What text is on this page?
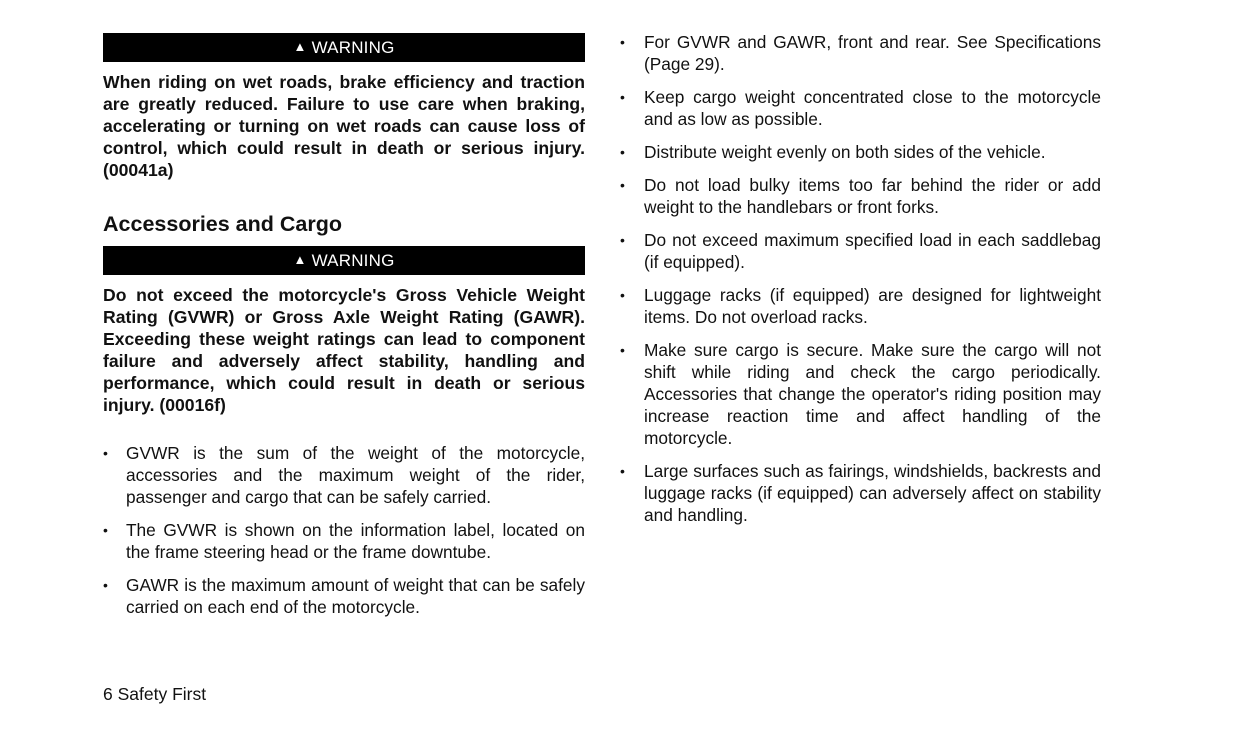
▲ WARNING

When riding on wet roads, brake efficiency and traction are greatly reduced. Failure to use care when braking, accelerating or turning on wet roads can cause loss of control, which could result in death or serious injury. (00041a)

Accessories and Cargo
▲ WARNING

Do not exceed the motorcycle's Gross Vehicle Weight Rating (GVWR) or Gross Axle Weight Rating (GAWR). Exceeding these weight ratings can lead to component failure and adversely affect stability, handling and performance, which could result in death or serious injury. (00016f)

• GVWR is the sum of the weight of the motorcycle, accessories and the maximum weight of the rider, passenger and cargo that can be safely carried.
• The GVWR is shown on the information label, located on the frame steering head or the frame downtube.
• GAWR is the maximum amount of weight that can be safely carried on each end of the motorcycle.
• For GVWR and GAWR, front and rear. See Specifications (Page 29).
• Keep cargo weight concentrated close to the motorcycle and as low as possible.
• Distribute weight evenly on both sides of the vehicle.
• Do not load bulky items too far behind the rider or add weight to the handlebars or front forks.
• Do not exceed maximum specified load in each saddlebag (if equipped).
• Luggage racks (if equipped) are designed for lightweight items. Do not overload racks.
• Make sure cargo is secure. Make sure the cargo will not shift while riding and check the cargo periodically. Accessories that change the operator's riding position may increase reaction time and affect handling of the motorcycle.
• Large surfaces such as fairings, windshields, backrests and luggage racks (if equipped) can adversely affect on stability and handling.
6 Safety First
